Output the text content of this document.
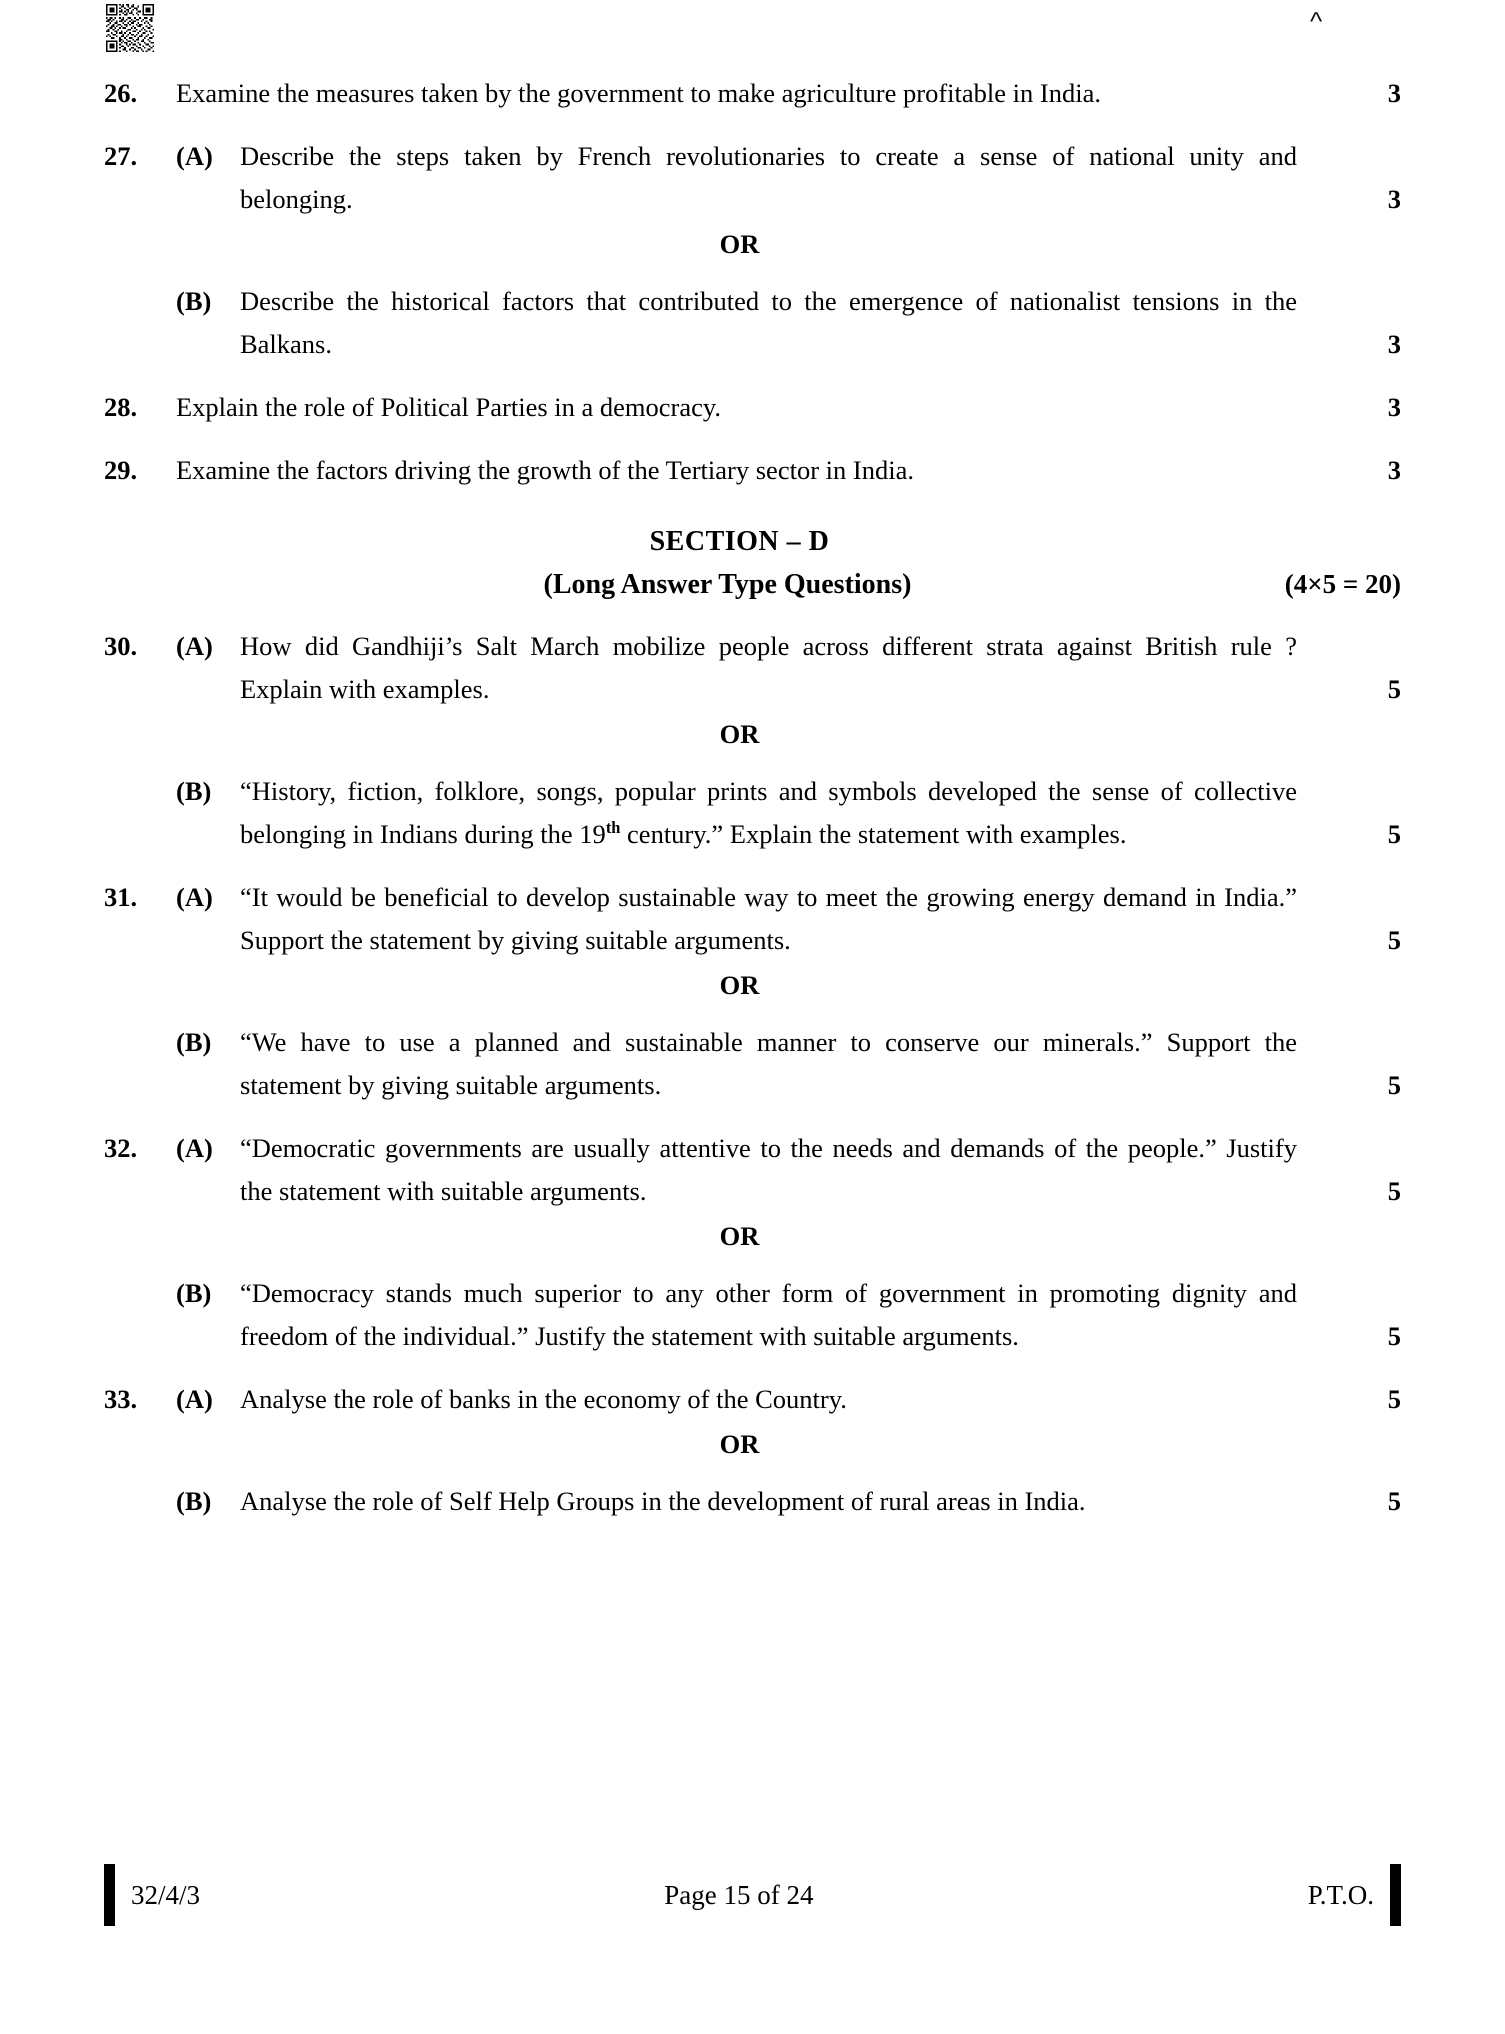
^
26.	Examine the measures taken by the government to make agriculture profitable in India.	3
27.	(A)	Describe the steps taken by French revolutionaries to create a sense of national unity and belonging.	3
OR
(B)	Describe the historical factors that contributed to the emergence of nationalist tensions in the Balkans.	3
28.	Explain the role of Political Parties in a democracy.	3
29.	Examine the factors driving the growth of the Tertiary sector in India.	3
SECTION – D
(Long Answer Type Questions)	(4×5 = 20)
30.	(A)	How did Gandhiji’s Salt March mobilize people across different strata against British rule ? Explain with examples.	5
OR
(B)	“History, fiction, folklore, songs, popular prints and symbols developed the sense of collective belonging in Indians during the 19th century.” Explain the statement with examples.	5
31.	(A)	“It would be beneficial to develop sustainable way to meet the growing energy demand in India.” Support the statement by giving suitable arguments.	5
OR
(B)	“We have to use a planned and sustainable manner to conserve our minerals.” Support the statement by giving suitable arguments.	5
32.	(A)	“Democratic governments are usually attentive to the needs and demands of the people.” Justify the statement with suitable arguments.	5
OR
(B)	“Democracy stands much superior to any other form of government in promoting dignity and freedom of the individual.” Justify the statement with suitable arguments.	5
33.	(A)	Analyse the role of banks in the economy of the Country.	5
OR
(B)	Analyse the role of Self Help Groups in the development of rural areas in India.	5
32/4/3	Page 15 of 24	P.T.O.
